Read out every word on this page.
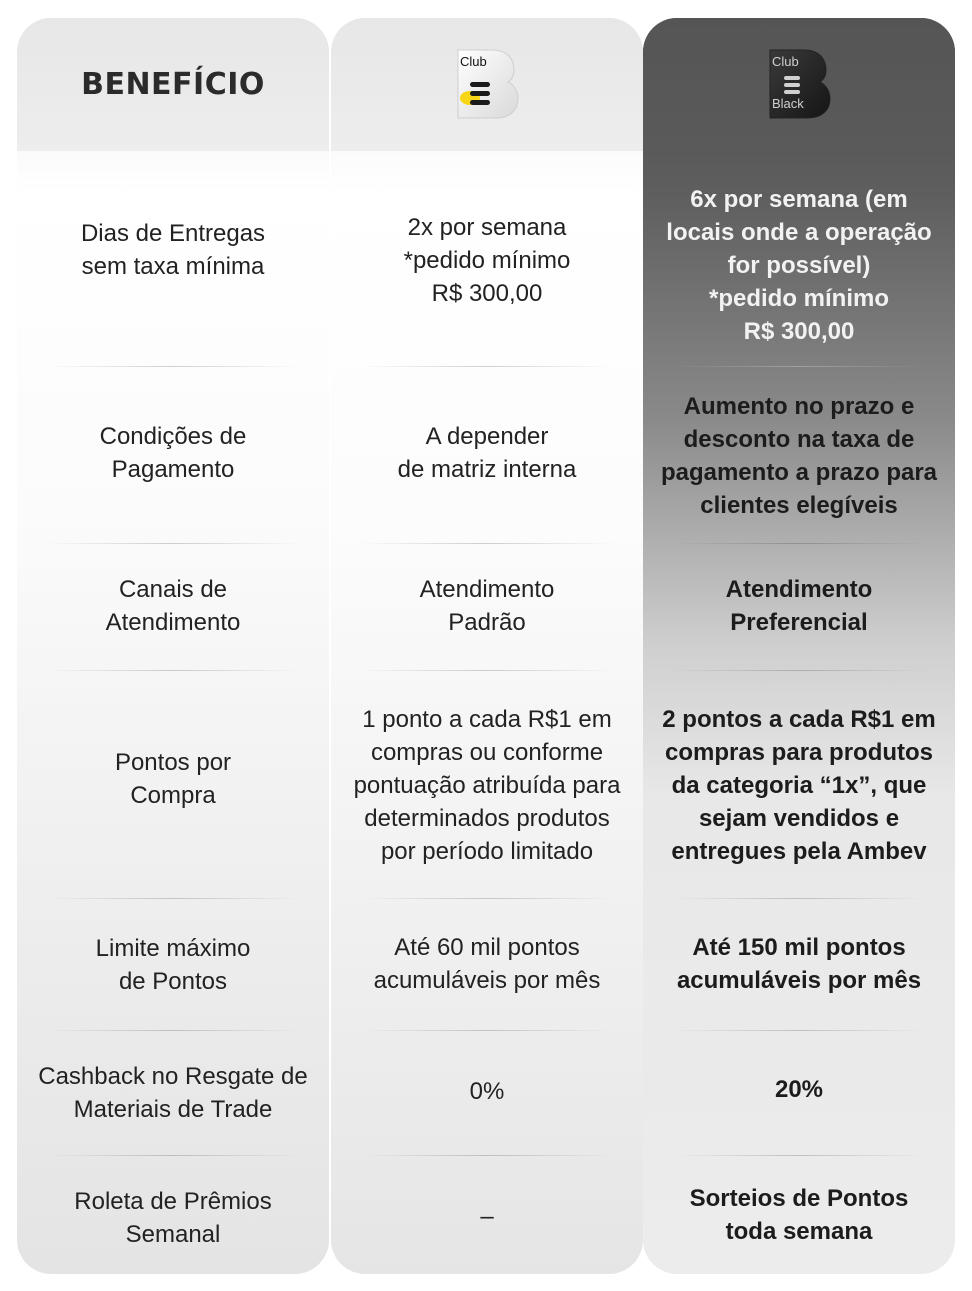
BENEFÍCIO
Dias de Entregas
sem taxa mínima
Condições de
Pagamento
Canais de
Atendimento
Pontos por
Compra
Limite máximo
de Pontos
Cashback no Resgate de
Materiais de Trade
Roleta de Prêmios
Semanal
Club
2x por semana
*pedido mínimo
R$ 300,00
A depender
de matriz interna
Atendimento
Padrão
1 ponto a cada R$1 em
compras ou conforme
pontuação atribuída para
determinados produtos
por período limitado
Até 60 mil pontos
acumuláveis por mês
0%
–
Club
Black
6x por semana (em
locais onde a operação
for possível)
*pedido mínimo
R$ 300,00
Aumento no prazo e
desconto na taxa de
pagamento a prazo para
clientes elegíveis
Atendimento
Preferencial
2 pontos a cada R$1 em
compras para produtos
da categoria “1x”, que
sejam vendidos e
entregues pela Ambev
Até 150 mil pontos
acumuláveis por mês
20%
Sorteios de Pontos
toda semana
